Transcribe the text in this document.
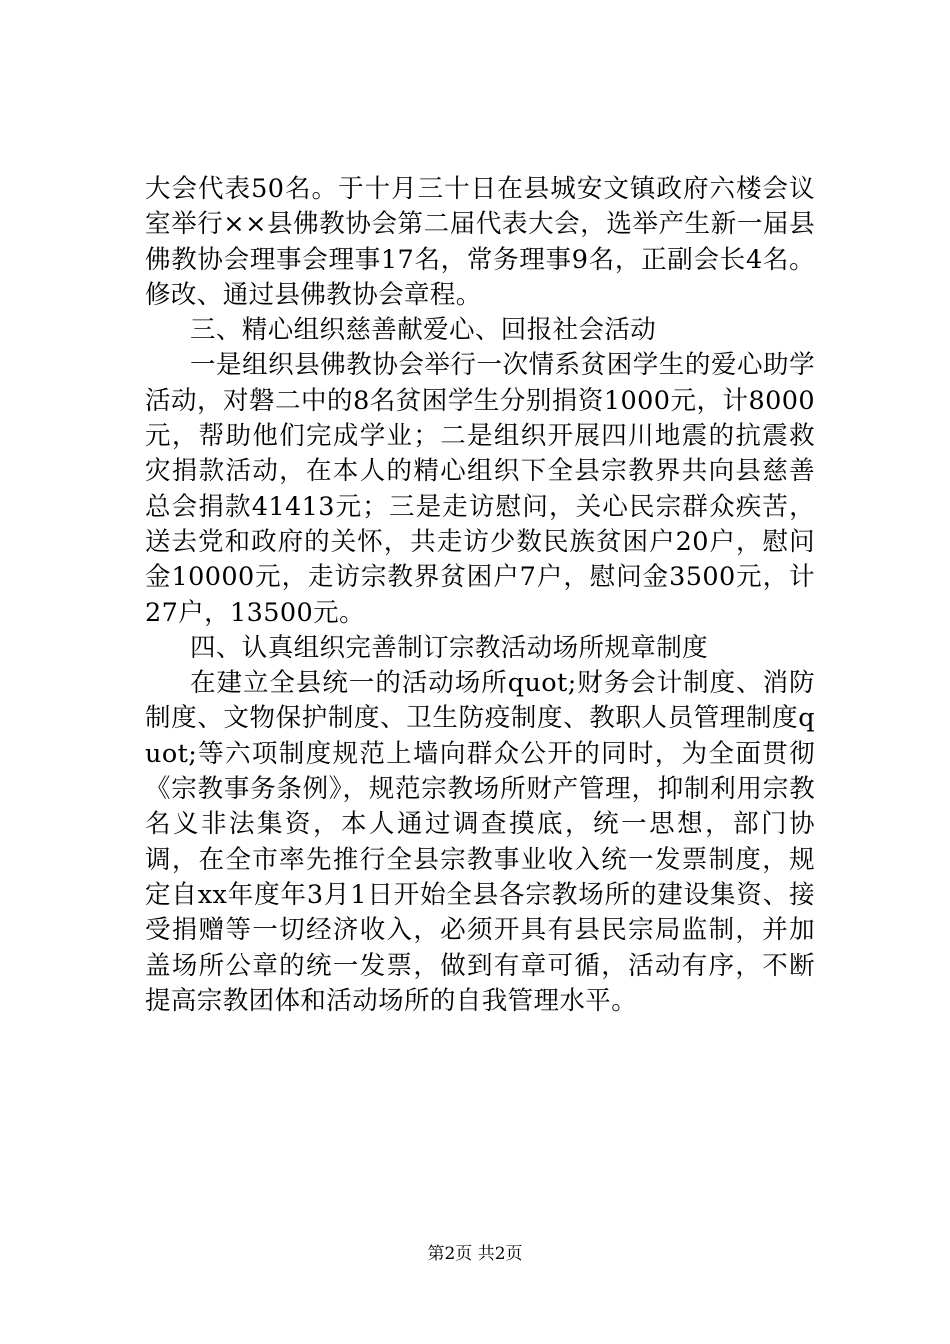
大会代表50名。于十月三十日在县城安文镇政府六楼会议室举行××县佛教协会第二届代表大会，选举产生新一届县佛教协会理事会理事17名，常务理事9名，正副会长4名。修改、通过县佛教协会章程。

三、精心组织慈善献爱心、回报社会活动

一是组织县佛教协会举行一次情系贫困学生的爱心助学活动，对磐二中的8名贫困学生分别捐资1000元，计8000元，帮助他们完成学业；二是组织开展四川地震的抗震救灾捐款活动，在本人的精心组织下全县宗教界共向县慈善总会捐款41413元；三是走访慰问，关心民宗群众疾苦，送去党和政府的关怀，共走访少数民族贫困户20户，慰问金10000元，走访宗教界贫困户7户，慰问金3500元，计27户，13500元。

四、认真组织完善制订宗教活动场所规章制度

在建立全县统一的活动场所quot;财务会计制度、消防制度、文物保护制度、卫生防疫制度、教职人员管理制度quot;等六项制度规范上墙向群众公开的同时，为全面贯彻《宗教事务条例》，规范宗教场所财产管理，抑制利用宗教名义非法集资，本人通过调查摸底，统一思想，部门协调，在全市率先推行全县宗教事业收入统一发票制度，规定自xx年度年3月1日开始全县各宗教场所的建设集资、接受捐赠等一切经济收入，必须开具有县民宗局监制，并加盖场所公章的统一发票，做到有章可循，活动有序，不断提高宗教团体和活动场所的自我管理水平。

第2页 共2页
